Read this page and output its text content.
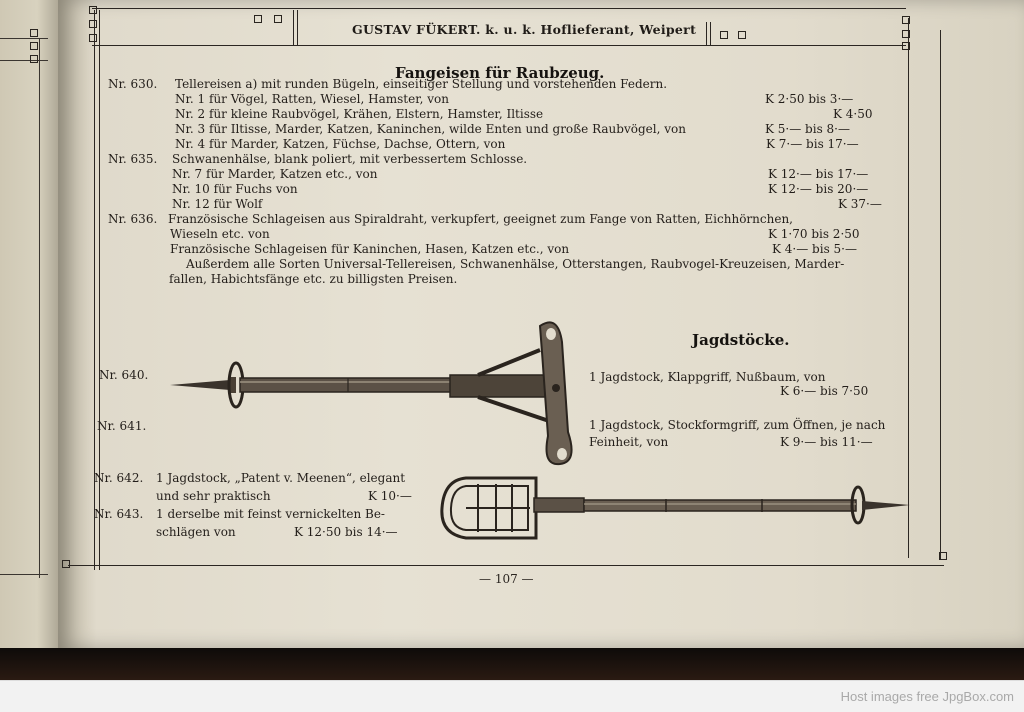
GUSTAV FÜKERT. k. u. k. Hoflieferant, Weipert
Fangeisen für Raubzeug.
Nr. 630. Tellereisen a) mit runden Bügeln, einseitiger Stellung und vorstehenden Federn.
Nr. 1 für Vögel, Ratten, Wiesel, Hamster, von	K 2·50 bis 3·—
Nr. 2 für kleine Raubvögel, Krähen, Elstern, Hamster, Iltisse	K 4·50
Nr. 3 für Iltisse, Marder, Katzen, Kaninchen, wilde Enten und große Raubvögel, von	K 5·— bis 8·—
Nr. 4 für Marder, Katzen, Füchse, Dachse, Ottern, von	K 7·— bis 17·—
Nr. 635. Schwanenhälse, blank poliert, mit verbessertem Schlosse.
Nr. 7 für Marder, Katzen etc., von	K 12·— bis 17·—
Nr. 10 für Fuchs von	K 12·— bis 20·—
Nr. 12 für Wolf	K 37·—
Nr. 636. Französische Schlageisen aus Spiraldraht, verkupfert, geeignet zum Fange von Ratten, Eichhörnchen,
Wieseln etc. von	K 1·70 bis 2·50
Französische Schlageisen für Kaninchen, Hasen, Katzen etc., von	K 4·— bis 5·—
Außerdem alle Sorten Universal-Tellereisen, Schwanenhälse, Otterstangen, Raubvogel-Kreuzeisen, Marder-
fallen, Habichtsfänge etc. zu billigsten Preisen.
Jagdstöcke.
Nr. 640.	1 Jagdstock, Klappgriff, Nußbaum, von
K 6·— bis 7·50
Nr. 641.	1 Jagdstock, Stockformgriff, zum Öffnen, je nach
Feinheit, von	K 9·— bis 11·—
Nr. 642. 1 Jagdstock, „Patent v. Meenen“, elegant
und sehr praktisch	K 10·—
Nr. 643. 1 derselbe mit feinst vernickelten Be-
schlägen von	K 12·50 bis 14·—
— 107 —
Host images free JpgBox.com
